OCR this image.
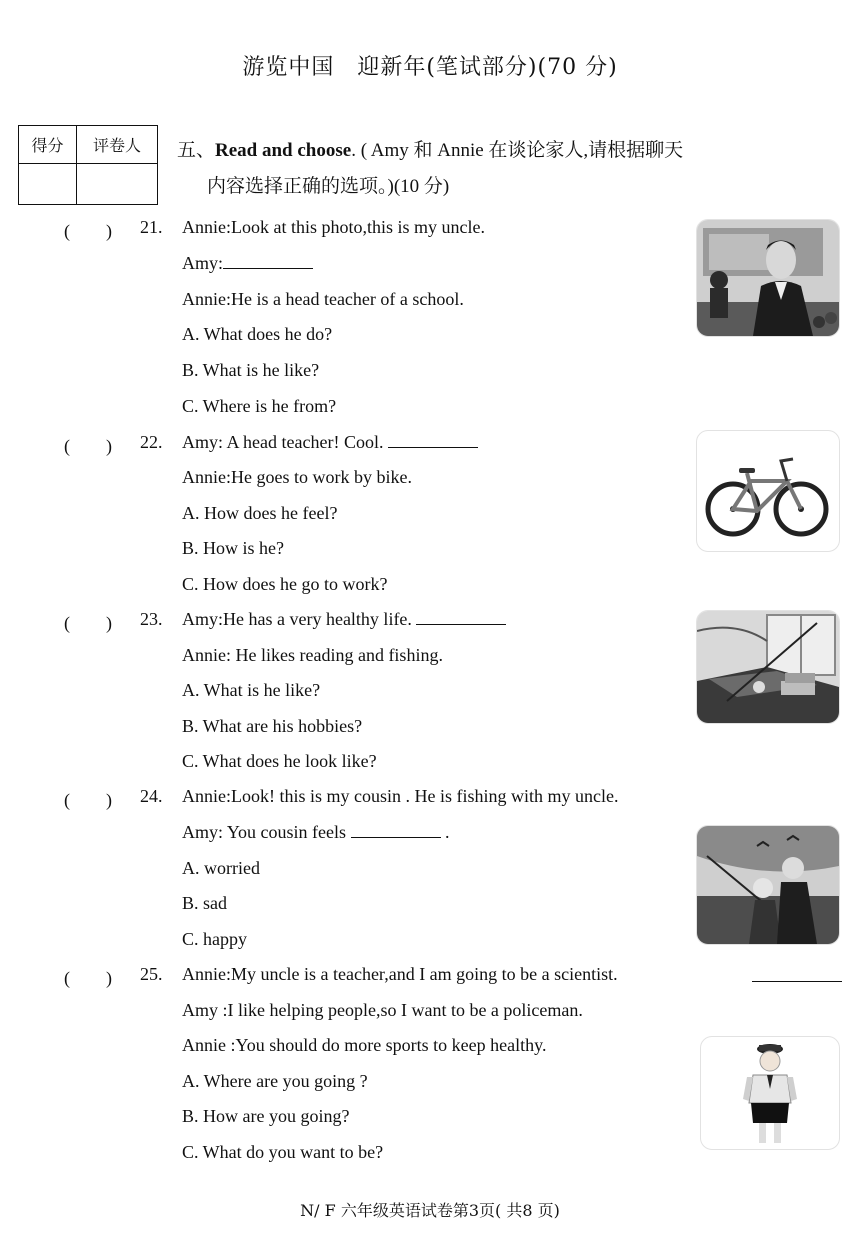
游览中国　迎新年(笔试部分)(70 分)
得分	评卷人	五、Read and choose. ( Amy 和 Annie 在谈论家人,请根据聊天
内容选择正确的选项。)(10 分)
(　　) 21. Annie:Look at this photo,this is my uncle.
Amy:
Annie:He is a head teacher of a school.
A. What does he do?
B. What is he like?
C. Where is he from?
(　　) 22. Amy: A head teacher! Cool.
Annie:He goes to work by bike.
A. How does he feel?
B. How is he?
C. How does he go to work?
(　　) 23. Amy:He has a very healthy life.
Annie: He likes reading and fishing.
A. What is he like?
B. What are his hobbies?
C. What does he look like?
(　　) 24. Annie:Look! this is my cousin . He is fishing with my uncle.
Amy: You cousin feels	.
A. worried
B. sad
C. happy
(　　) 25. Annie:My uncle is a teacher,and I am going to be a scientist.
Amy :I like helping people,so I want to be a policeman.
Annie :You should do more sports to keep healthy.
A. Where are you going ?
B. How are you going?
C. What do you want to be?
N/ F 六年级英语试卷第3页( 共8 页)
